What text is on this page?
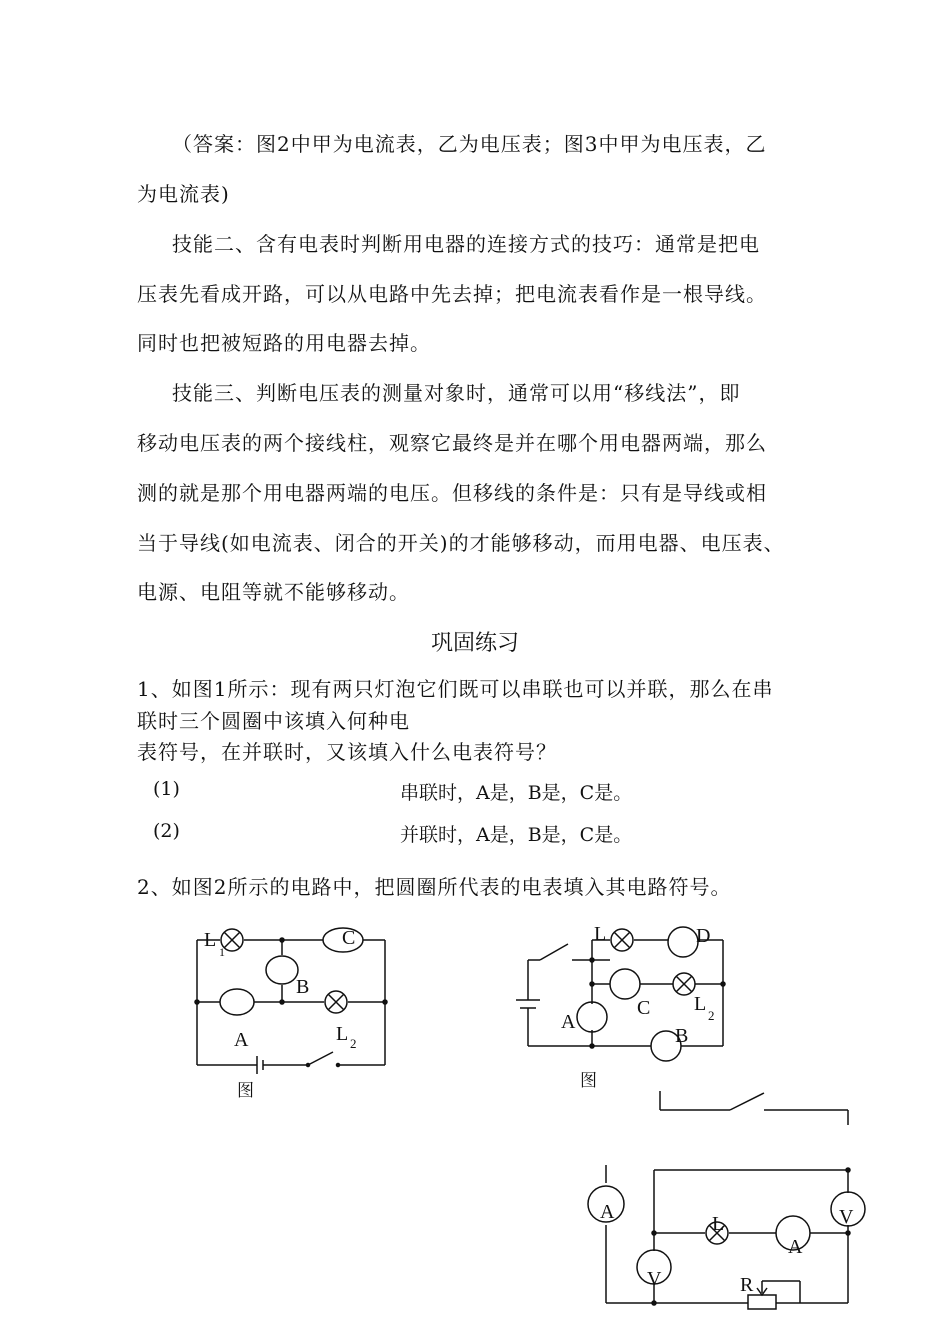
（答案：图2中甲为电流表，乙为电压表；图3中甲为电压表，乙
为电流表)
技能二、含有电表时判断用电器的连接方式的技巧：通常是把电
压表先看成开路，可以从电路中先去掉；把电流表看作是一根导线。
同时也把被短路的用电器去掉。
技能三、判断电压表的测量对象时，通常可以用“移线法”，即
移动电压表的两个接线柱，观察它最终是并在哪个用电器两端，那么
测的就是那个用电器两端的电压。但移线的条件是：只有是导线或相
当于导线(如电流表、闭合的开关)的才能够移动，而用电器、电压表、
电源、电阻等就不能够移动。
巩固练习
1、如图1所示：现有两只灯泡它们既可以串联也可以并联，那么在串
联时三个圆圈中该填入何种电
表符号，在并联时，又该填入什么电表符号？
(1)	串联时，A是，B是，C是。
(2)	并联时，A是，B是，C是。
2、如图2所示的电路中，把圆圈所代表的电表填入其电路符号。
L
1
C
B
A	L 2
图
L	D
C L
2
A
B
图
A	V
L
A
V	R
